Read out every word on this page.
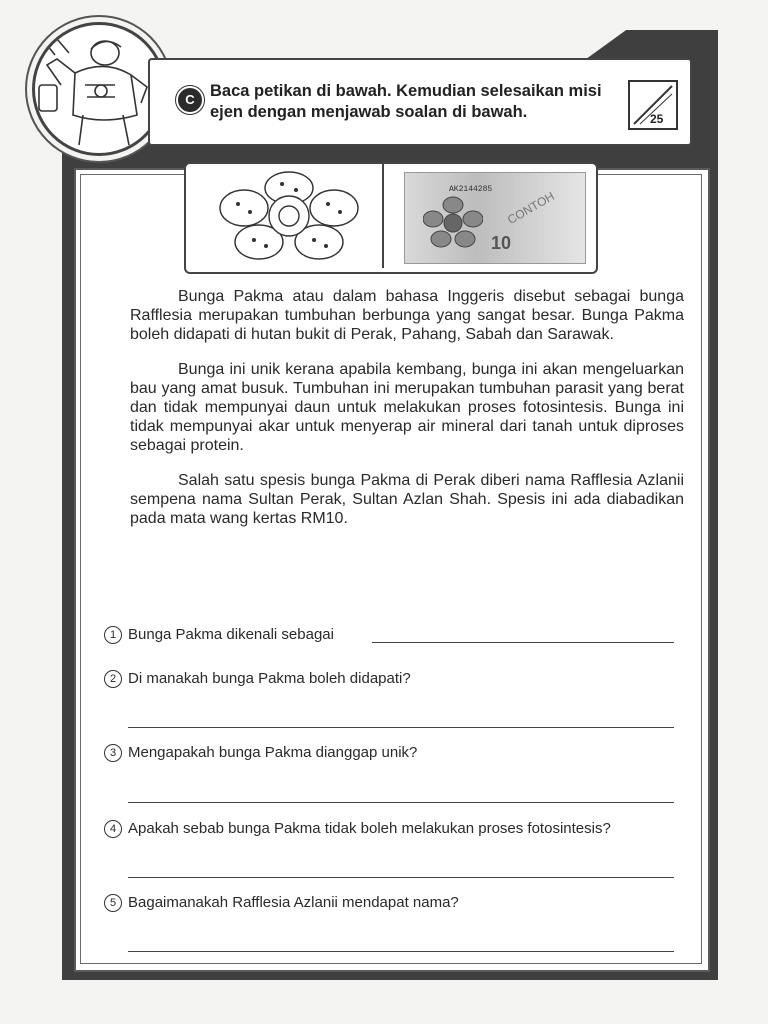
C Baca petikan di bawah. Kemudian selesaikan misi ejen dengan menjawab soalan di bawah.	25
AK2144285 CONTOH
10

Bunga Pakma atau dalam bahasa Inggeris disebut sebagai bunga Rafflesia merupakan tumbuhan berbunga yang sangat besar. Bunga Pakma boleh didapati di hutan bukit di Perak, Pahang, Sabah dan Sarawak.

Bunga ini unik kerana apabila kembang, bunga ini akan mengeluarkan bau yang amat busuk. Tumbuhan ini merupakan tumbuhan parasit yang berat dan tidak mempunyai daun untuk melakukan proses fotosintesis. Bunga ini tidak mempunyai akar untuk menyerap air mineral dari tanah untuk diproses sebagai protein.

Salah satu spesis bunga Pakma di Perak diberi nama Rafflesia Azlanii sempena nama Sultan Perak, Sultan Azlan Shah. Spesis ini ada diabadikan pada mata wang kertas RM10.

1 Bunga Pakma dikenali sebagai
2 Di manakah bunga Pakma boleh didapati?
3 Mengapakah bunga Pakma dianggap unik?
4 Apakah sebab bunga Pakma tidak boleh melakukan proses fotosintesis?
5 Bagaimanakah Rafflesia Azlanii mendapat nama?
